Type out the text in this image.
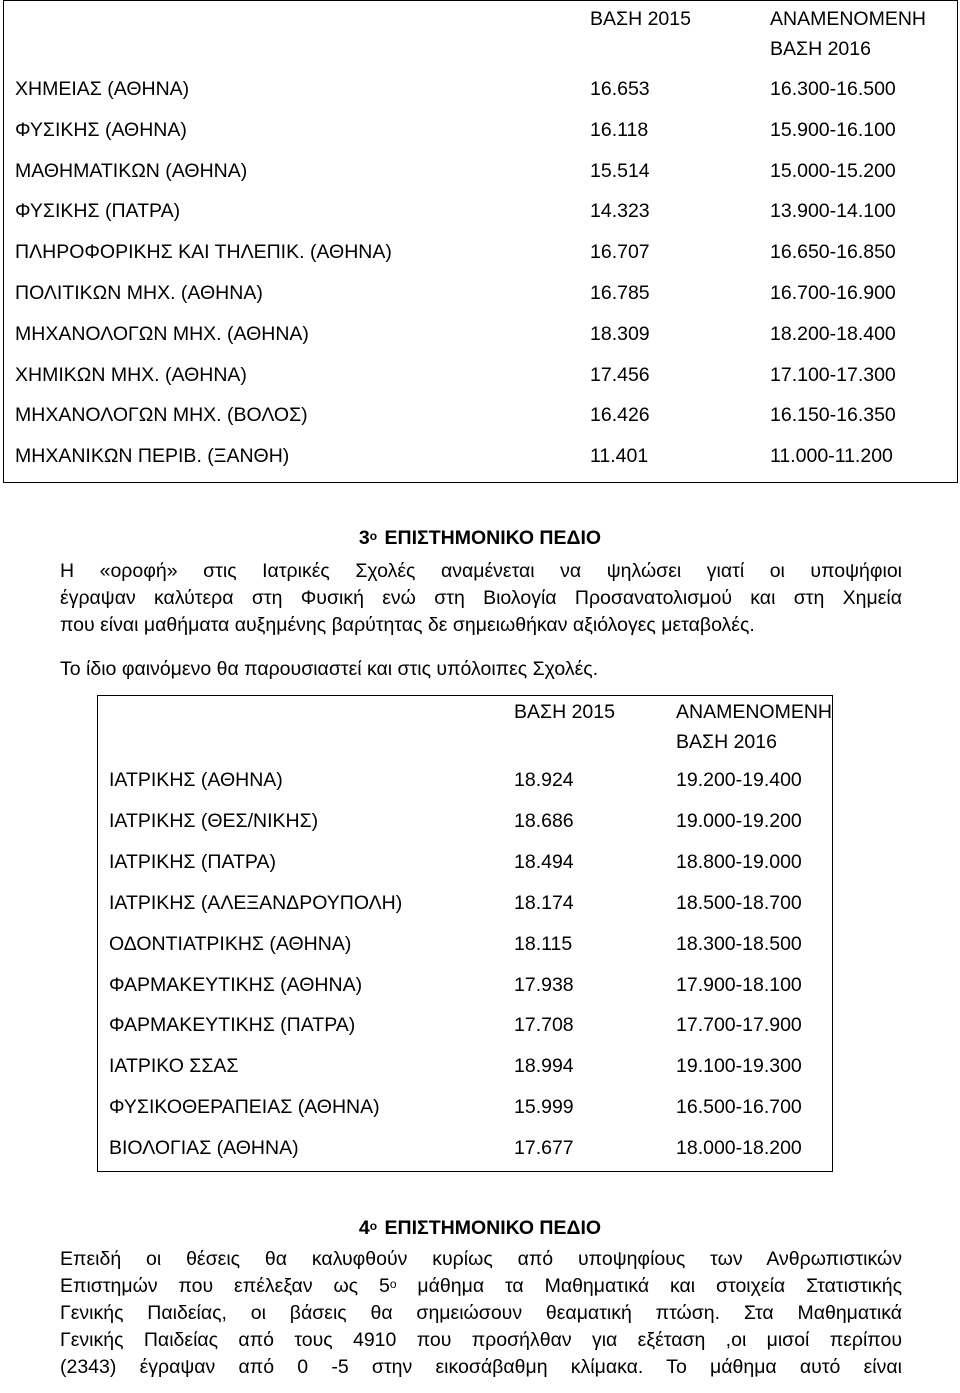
ΒΑΣΗ 2015	ΑΝΑΜΕΝΟΜΕΝΗ
ΒΑΣΗ 2016
ΧΗΜΕΙΑΣ (ΑΘΗΝΑ)	16.653	16.300-16.500
ΦΥΣΙΚΗΣ (ΑΘΗΝΑ)	16.118	15.900-16.100
ΜΑΘΗΜΑΤΙΚΩΝ (ΑΘΗΝΑ)	15.514	15.000-15.200
ΦΥΣΙΚΗΣ (ΠΑΤΡΑ)	14.323	13.900-14.100
ΠΛΗΡΟΦΟΡΙΚΗΣ ΚΑΙ ΤΗΛΕΠΙΚ. (ΑΘΗΝΑ)	16.707	16.650-16.850
ΠΟΛΙΤΙΚΩΝ ΜΗΧ. (ΑΘΗΝΑ)	16.785	16.700-16.900
ΜΗΧΑΝΟΛΟΓΩΝ ΜΗΧ. (ΑΘΗΝΑ)	18.309	18.200-18.400
ΧΗΜΙΚΩΝ ΜΗΧ. (ΑΘΗΝΑ)	17.456	17.100-17.300
ΜΗΧΑΝΟΛΟΓΩΝ ΜΗΧ. (ΒΟΛΟΣ)	16.426	16.150-16.350
ΜΗΧΑΝΙΚΩΝ ΠΕΡΙΒ. (ΞΑΝΘΗ)	11.401	11.000-11.200
$3^o$ ΕΠΙΣΤΗΜΟΝΙΚΟ ΠΕΔΙΟ
Η «οροφή» στις Ιατρικές Σχολές αναμένεται να ψηλώσει γιατί οι υποψήφιοι
έγραψαν καλύτερα στη Φυσική ενώ στη Βιολογία Προσανατολισμού και στη Χημεία
που είναι μαθήματα αυξημένης βαρύτητας δε σημειωθήκαν αξιόλογες μεταβολές.
Το ίδιο φαινόμενο θα παρουσιαστεί και στις υπόλοιπες Σχολές.
ΒΑΣΗ 2015	ΑΝΑΜΕΝΟΜΕΝΗ
ΒΑΣΗ 2016
ΙΑΤΡΙΚΗΣ (ΑΘΗΝΑ)	18.924	19.200-19.400
ΙΑΤΡΙΚΗΣ (ΘΕΣ/ΝΙΚΗΣ)	18.686	19.000-19.200
ΙΑΤΡΙΚΗΣ (ΠΑΤΡΑ)	18.494	18.800-19.000
ΙΑΤΡΙΚΗΣ (ΑΛΕΞΑΝΔΡΟΥΠΟΛΗ)	18.174	18.500-18.700
ΟΔΟΝΤΙΑΤΡΙΚΗΣ (ΑΘΗΝΑ)	18.115	18.300-18.500
ΦΑΡΜΑΚΕΥΤΙΚΗΣ (ΑΘΗΝΑ)	17.938	17.900-18.100
ΦΑΡΜΑΚΕΥΤΙΚΗΣ (ΠΑΤΡΑ)	17.708	17.700-17.900
ΙΑΤΡΙΚΟ ΣΣΑΣ	18.994	19.100-19.300
ΦΥΣΙΚΟΘΕΡΑΠΕΙΑΣ (ΑΘΗΝΑ)	15.999	16.500-16.700
ΒΙΟΛΟΓΙΑΣ (ΑΘΗΝΑ)	17.677	18.000-18.200
$4^o$ ΕΠΙΣΤΗΜΟΝΙΚΟ ΠΕΔΙΟ
Επειδή οι θέσεις θα καλυφθούν κυρίως από υποψηφίους των Ανθρωπιστικών
Επιστημών που επέλεξαν ως $5^o$ μάθημα τα Μαθηματικά και στοιχεία Στατιστικής
Γενικής Παιδείας, οι βάσεις θα σημειώσουν θεαματική πτώση. Στα Μαθηματικά
Γενικής Παιδείας από τους 4910 που προσήλθαν για εξέταση ,οι μισοί περίπου
(2343) έγραψαν από 0 -5 στην εικοσάβαθμη κλίμακα. Το μάθημα αυτό είναι
